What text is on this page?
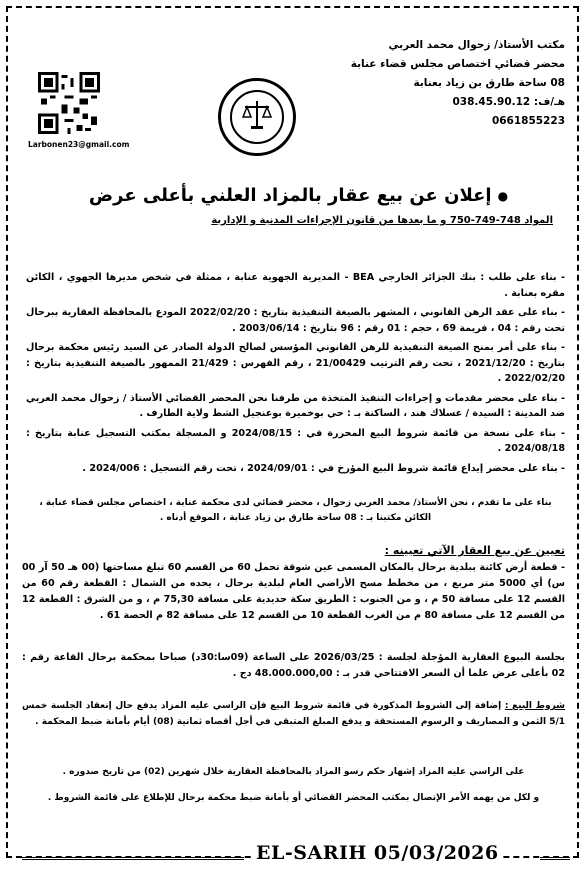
مكتب الأستاذ/ زحوال محمد العربي
محضر قضائي اختصاص مجلس قضاء عنابة
08 ساحة طارق بن زياد بعنابة
هـ/ف: 038.45.90.12
0661855223
Larbonen23@gmail.com
●إعلان عن بيع عقار بالمزاد العلني بأعلى عرض
المواد 748-749-750 و ما بعدها من قانون الإجراءات المدنية و الإدارية

- بناء على طلب : بنك الجزائر الخارجي BEA - المديرية الجهوية عنابة ، ممثلة في شخص مديرها الجهوي ، الكائن مقره بعنابة .

- بناء على عقد الرهن القانوني ، المشهر بالصيغة التنفيذية بتاريخ : 2022/02/20 المودع بالمحافظة العقارية ببرحال تحت رقم : 04 ، فريمة 69 ، حجم : 01 رقم : 96 بتاريخ : 2003/06/14 .

- بناء على أمر بمنح الصيغة التنفيذية للرهن القانوني المؤسس لصالح الدولة الصادر عن السيد رئيس محكمة برحال بتاريخ : 2021/12/20 ، تحت رقم الترتيب 21/00429 ، رقم الفهرس : 21/429 الممهور بالصيغة التنفيذية بتاريخ : 2022/02/20 .

- بناء على محضر مقدمات و إجراءات التنفيذ المتخذة من طرفنا نحن المحضر القضائي الأستاذ / زحوال محمد العربي ضد المدينة : السيدة / عسلاك هند ، الساكنة بـ : حي بوخميرة بوعنجيل الشط ولاية الطارف .

- بناء على نسخة من قائمة شروط البيع المحررة في : 2024/08/15 و المسجلة بمكتب التسجيل عنابة بتاريخ : 2024/08/18 .

- بناء على محضر إيداع قائمة شروط البيع المؤرخ في : 2024/09/01 ، تحت رقم التسجيل : 2024/006 .

بناء على ما تقدم ، نحن الأستاذ/ محمد العربي زحوال ، محضر قضائي لدى محكمة عنابة ، اختصاص مجلس قضاء عنابة ، الكائن مكتبنا بـ : 08 ساحة طارق بن زياد عنابة ، الموقع أدناه .
تعيين عن بيع العقار الآتي تعيينه :
- قطعة أرض كائنة ببلدية برحال بالمكان المسمى عين شوقة تحمل 60 من القسم 60 تبلغ مساحتها (00 هـ 50 آر 00 س) أي 5000 متر مربع ، من مخطط مسح الأراضي العام لبلدية برحال ، يحده من الشمال : القطعة رقم 60 من القسم 12 على مسافة 50 م ، و من الجنوب : الطريق سكة حديدية على مسافة 75,30 م ، و من الشرق : القطعة 12 من القسم 12 على مسافة 80 م من الغرب القطعة 10 من القسم 12 على مسافة 82 م الحصة 61 .
بجلسة البيوع العقارية المؤجلة لجلسة : 2026/03/25 على الساعة (09سا:30د) صباحا بمحكمة برحال القاعة رقم : 02 بأعلى عرض علما أن السعر الافتتاحي قدر بـ : 48.000.000,00 دج .
شروط البيع : إضافة إلى الشروط المذكورة في قائمة شروط البيع فإن الراسي عليه المزاد يدفع حال إنعقاد الجلسة خمس 5/1 الثمن و المصاريف و الرسوم المستحقة و يدفع المبلغ المتبقي في أجل أقصاه ثمانية (08) أيام بأمانة ضبط المحكمة .
على الراسي عليه المزاد إشهار حكم رسو المزاد بالمحافظة العقارية خلال شهرين (02) من تاريخ صدوره .
و لكل من يهمه الأمر الإتصال بمكتب المحضر القضائي أو بأمانة ضبط محكمة برحال للإطلاع على قائمة الشروط .
EL-SARIH 05/03/2026
